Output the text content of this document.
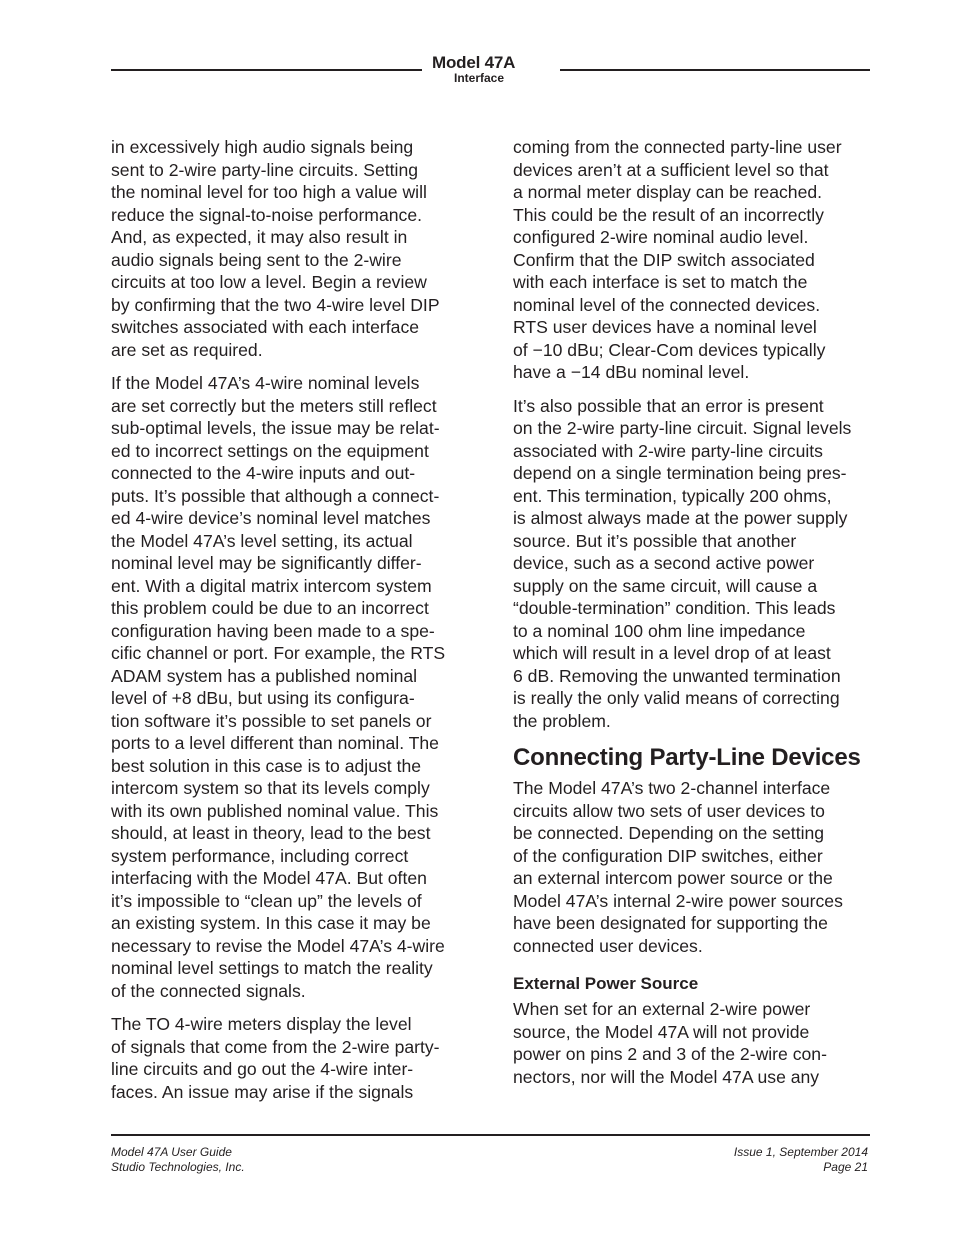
Model 47A
Interface

in excessively high audio signals being
sent to 2-wire party-line circuits. Setting
the nominal level for too high a value will
reduce the signal-to-noise performance.
And, as expected, it may also result in
audio signals being sent to the 2-wire
circuits at too low a level. Begin a review
by confirming that the two 4-wire level DIP
switches associated with each interface
are set as required.

If the Model 47A’s 4-wire nominal levels
are set correctly but the meters still reflect
sub-optimal levels, the issue may be relat-
ed to incorrect settings on the equipment
connected to the 4-wire inputs and out-
puts. It’s possible that although a connect-
ed 4-wire device’s nominal level matches
the Model 47A’s level setting, its actual
nominal level may be significantly differ-
ent. With a digital matrix intercom system
this problem could be due to an incorrect
configuration having been made to a spe-
cific channel or port. For example, the RTS
ADAM system has a published nominal
level of +8 dBu, but using its configura-
tion software it’s possible to set panels or
ports to a level different than nominal. The
best solution in this case is to adjust the
intercom system so that its levels comply
with its own published nominal value. This
should, at least in theory, lead to the best
system performance, including correct
interfacing with the Model 47A. But often
it’s impossible to “clean up” the levels of
an existing system. In this case it may be
necessary to revise the Model 47A’s 4-wire
nominal level settings to match the reality
of the connected signals.

The TO 4-wire meters display the level
of signals that come from the 2-wire party-
line circuits and go out the 4-wire inter-
faces. An issue may arise if the signals

coming from the connected party-line user
devices aren’t at a sufficient level so that
a normal meter display can be reached.
This could be the result of an incorrectly
configured 2-wire nominal audio level.
Confirm that the DIP switch associated
with each interface is set to match the
nominal level of the connected devices.
RTS user devices have a nominal level
of −10 dBu; Clear-Com devices typically
have a −14 dBu nominal level.

It’s also possible that an error is present
on the 2-wire party-line circuit. Signal levels
associated with 2-wire party-line circuits
depend on a single termination being pres-
ent. This termination, typically 200 ohms,
is almost always made at the power supply
source. But it’s possible that another
device, such as a second active power
supply on the same circuit, will cause a
“double-termination” condition. This leads
to a nominal 100 ohm line impedance
which will result in a level drop of at least
6 dB. Removing the unwanted termination
is really the only valid means of correcting
the problem.

Connecting Party-Line Devices

The Model 47A’s two 2-channel interface
circuits allow two sets of user devices to
be connected. Depending on the setting
of the configuration DIP switches, either
an external intercom power source or the
Model 47A’s internal 2-wire power sources
have been designated for supporting the
connected user devices.

External Power Source

When set for an external 2-wire power
source, the Model 47A will not provide
power on pins 2 and 3 of the 2-wire con-
nectors, nor will the Model 47A use any

Model 47A User Guide
Studio Technologies, Inc.
Issue 1, September 2014
Page 21
